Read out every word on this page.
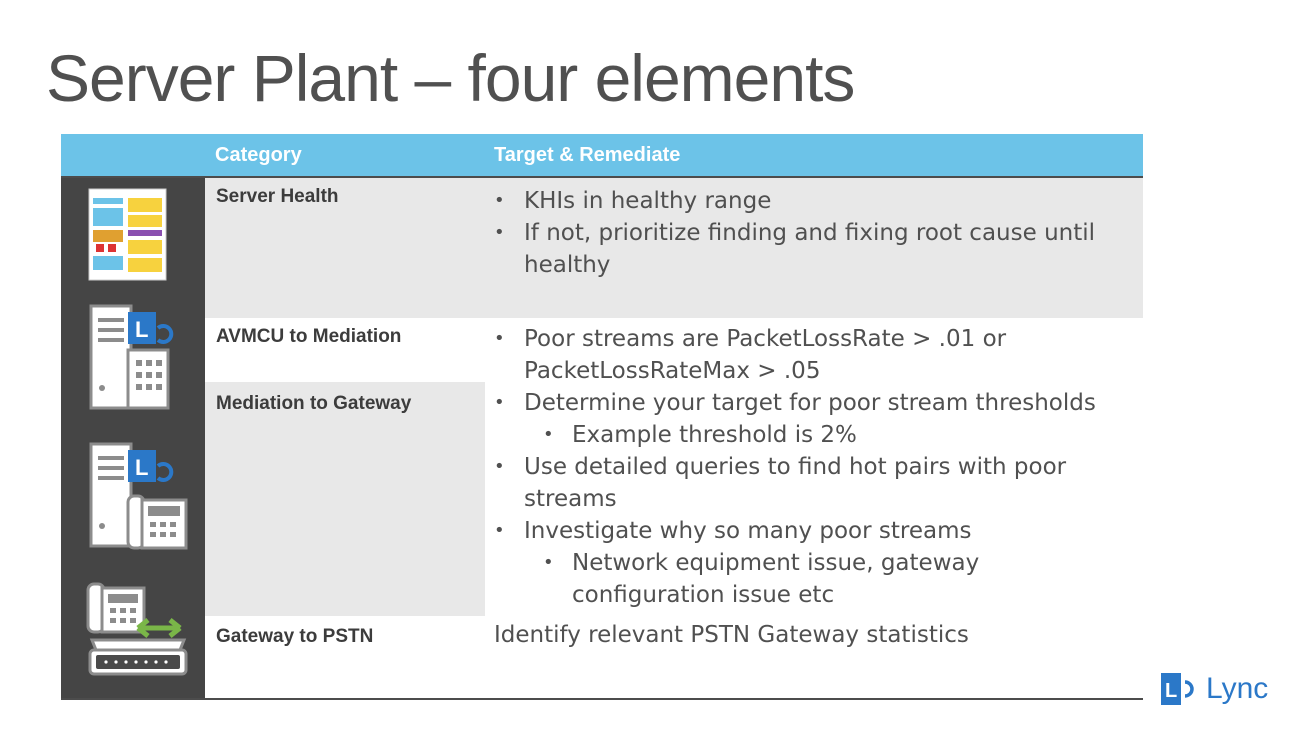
Server Plant – four elements
Category	Target & Remediate
Server Health
•	KHIs in healthy range
• If not, prioritize finding and fixing root cause until healthy
AVMCU to Mediation
Mediation to Gateway
• Poor streams are PacketLossRate > .01 or PacketLossRateMax > .05
• Determine your target for poor stream thresholds
• Example threshold is 2%
• Use detailed queries to find hot pairs with poor streams
• Investigate why so many poor streams
• Network equipment issue, gateway configuration issue etc
Gateway to PSTN	Identify relevant PSTN Gateway statistics
L
L
L Lync
